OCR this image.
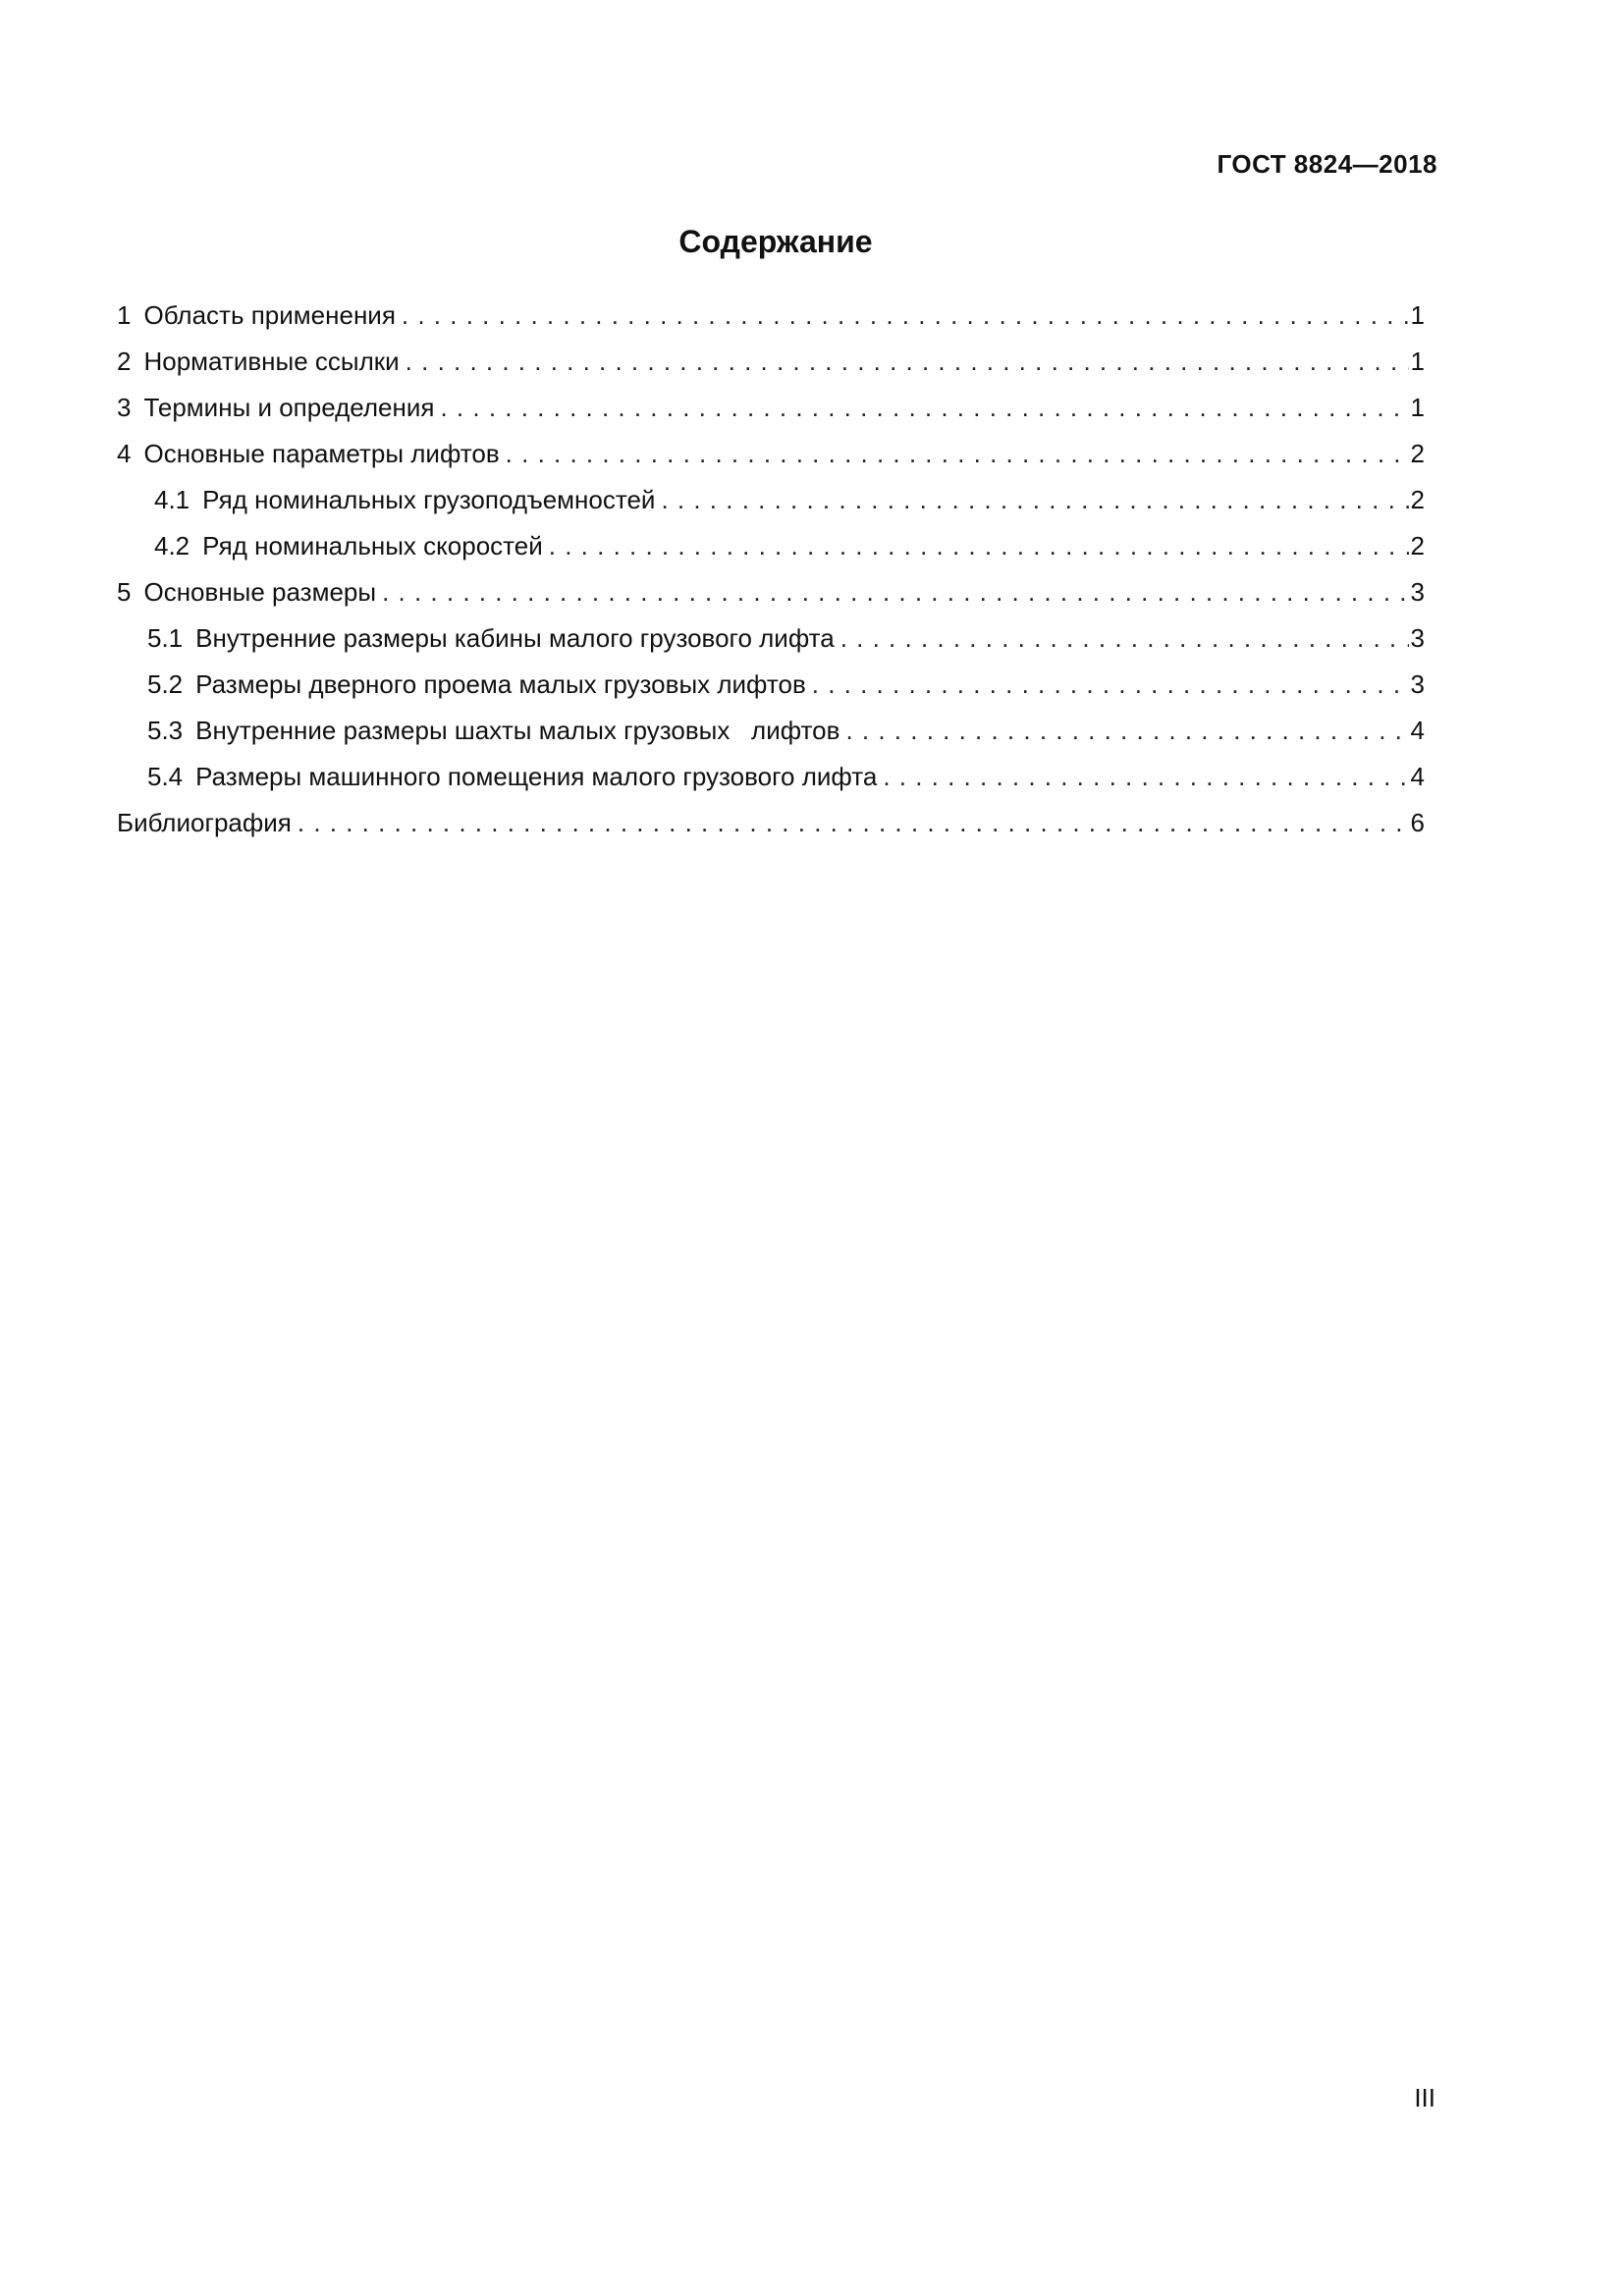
ГОСТ 8824—2018
Содержание
1 Область применения . . .	1
2 Нормативные ссылки . . .	1
3 Термины и определения . . .	1
4 Основные параметры лифтов . . .	2
4.1 Ряд номинальных грузоподъемностей . . .	2
4.2 Ряд номинальных скоростей . . .	2
5 Основные размеры . . .	3
5.1 Внутренние размеры кабины малого грузового лифта . . .	3
5.2 Размеры дверного проема малых грузовых лифтов . . .	3
5.3 Внутренние размеры шахты малых грузовых   лифтов . . .	4
5.4 Размеры машинного помещения малого грузового лифта . . .	4
Библиография . . .	6
III
